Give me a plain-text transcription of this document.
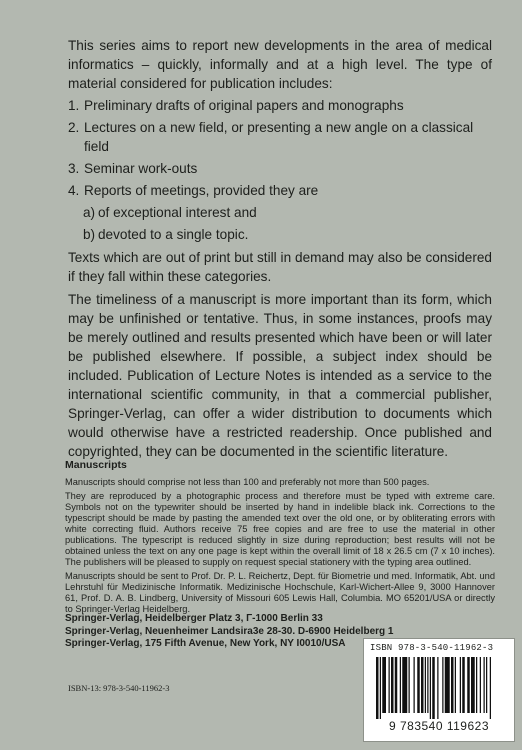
This series aims to report new developments in the area of medical informatics – quickly, informally and at a high level. The type of material considered for publication includes:

1. Preliminary drafts of original papers and monographs
2. Lectures on a new field, or presenting a new angle on a classical field
3. Seminar work-outs
4. Reports of meetings, provided they are
a) of exceptional interest and
b) devoted to a single topic.

Texts which are out of print but still in demand may also be considered if they fall within these categories.

The timeliness of a manuscript is more important than its form, which may be unfinished or tentative. Thus, in some instances, proofs may be merely outlined and results presented which have been or will later be published elsewhere. If possible, a subject index should be included. Publication of Lecture Notes is intended as a service to the international scientific community, in that a commercial publisher, Springer-Verlag, can offer a wider distribution to documents which would otherwise have a restricted readership. Once published and copyrighted, they can be documented in the scientific literature.

Manuscripts

Manuscripts should comprise not less than 100 and preferably not more than 500 pages.

They are reproduced by a photographic process and therefore must be typed with extreme care. Symbols not on the typewriter should be inserted by hand in indelible black ink. Corrections to the typescript should be made by pasting the amended text over the old one, or by obliterating errors with white correcting fluid. Authors receive 75 free copies and are free to use the material in other publications. The typescript is reduced slightly in size during reproduction; best results will not be obtained unless the text on any one page is kept within the overall limit of 18 x 26.5 cm (7 x 10 inches). The publishers will be pleased to supply on request special stationery with the typing area outlined.

Manuscripts should be sent to Prof. Dr. P. L. Reichertz, Dept. für Biometrie und med. Informatik, Abt. und Lehrstuhl für Medizinische Informatik. Medizinische Hochschule, Karl-Wichert-Allee 9, 3000 Hannover 61, Prof. D. A. B. Lindberg, University of Missouri 605 Lewis Hall, Columbia. MO 65201/USA or directly to Springer-Verlag Heidelberg.

Springer-Verlag, Heidelberger Platz 3, Γ-1000 Berlin 33
Springer-Verlag, Neuenheimer Landsira3e 28-30. D-6900 Heidelberg 1
Springer-Verlag, 175 Fifth Avenue, New York, NY I0010/USA
ISBN-13: 978-3-540-11962-3
ISBN 978-3-540-11962-3
9 783540 119623
